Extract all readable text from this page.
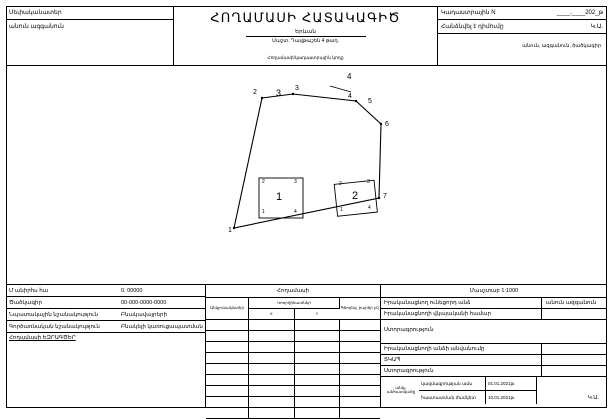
Սեփականատեր
անուն ազգանուն
ՀՈՂԱՄԱՍԻ ՀԱՏԱԿԱԳԻԾ
Երևան
Մաշտ. Դավթաշեն 4 թաղ.
Հողամասի/կադաստրային կոդը
Կադաստրային N	____,____202_թ
Հանձնվել է դիմումը	Կ.Ա.
անուն, ազգանուն, ծածկագիր
2
3
4
4
5
6
7
1
2	3
4
1
1
2	3
4
1
2
3
Մ անիրհս հա	0. 00000
Ծածկագիր	00-000-0000-0000
Նպատակային նշանակություն	Բնակավայրերի
Գործառնական նշանակություն	Բնակելի կառուցապատման
Հողամասի ԵԶՐԱԳԾԵՐ
Հողամասի
Անկյունակետեր	Կոորդինատներ		Գեոդեզ. բարձր (Հ)
	X	Y	

Մասշտաբ 1:1000
Իրականացնող ունեցորդ անձ	անուն ազգանուն
Իրականացնողի վկայականի համար
Ստորագրություն
Իրականացնողի անձի անվանումը
ՏԿԱՊ
Ստորագրություն
անկյ. անհատվածը
կազմագրության ամս	01.01.2021թ.
հաստատման ժամկետ	10.01.2021թ.	Կ.Ա.
